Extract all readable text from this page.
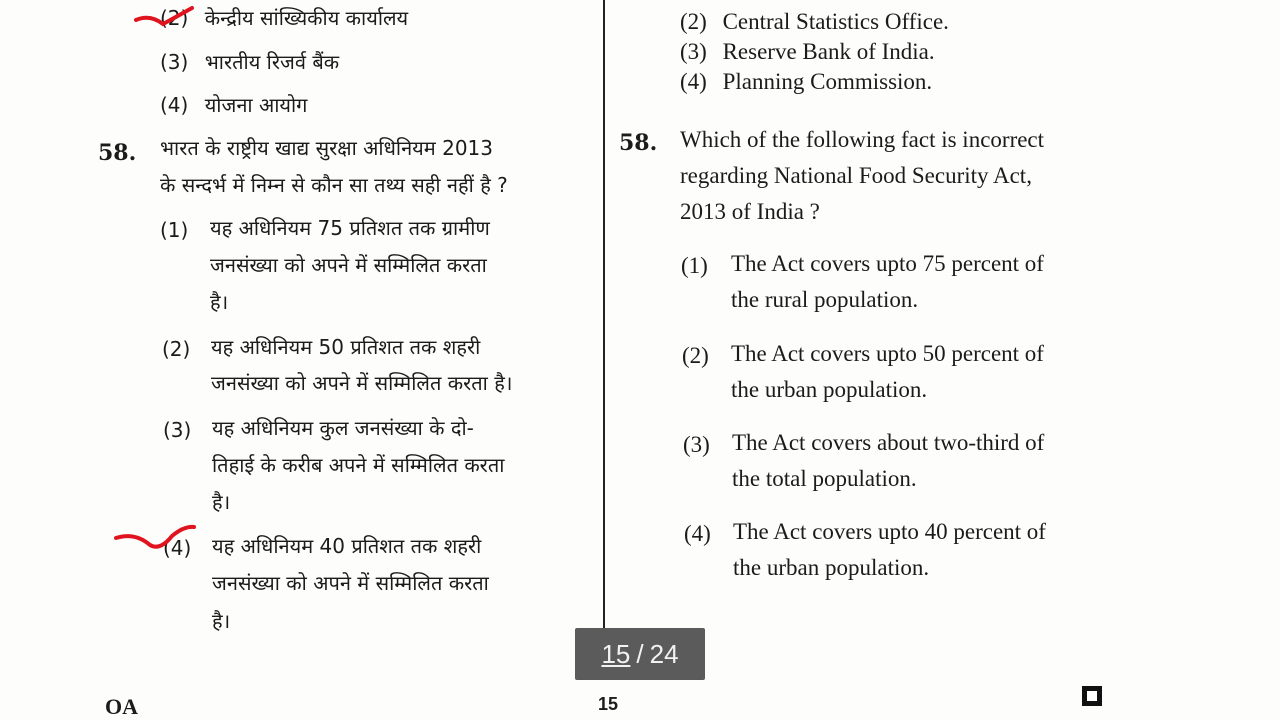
(2) केन्द्रीय सांख्यिकीय कार्यालय
(3) भारतीय रिजर्व बैंक
(4) योजना आयोग
58. भारत के राष्ट्रीय खाद्य सुरक्षा अधिनियम 2013
के सन्दर्भ में निम्न से कौन सा तथ्य सही नहीं है ?
(1) यह अधिनियम 75 प्रतिशत तक ग्रामीण
जनसंख्या को अपने में सम्मिलित करता
है।
(2) यह अधिनियम 50 प्रतिशत तक शहरी
जनसंख्या को अपने में सम्मिलित करता है।
(3) यह अधिनियम कुल जनसंख्या के दो-
तिहाई के करीब अपने में सम्मिलित करता
है।
(4) यह अधिनियम 40 प्रतिशत तक शहरी
जनसंख्या को अपने में सम्मिलित करता
है।
(2) Central Statistics Office.
(3) Reserve Bank of India.
(4) Planning Commission.
58. Which of the following fact is incorrect
regarding National Food Security Act,
2013 of India ?
(1) The Act covers upto 75 percent of
the rural population.
(2) The Act covers upto 50 percent of
the urban population.
(3) The Act covers about two-third of
the total population.
(4) The Act covers upto 40 percent of
the urban population.
OA	15
15 / 24
